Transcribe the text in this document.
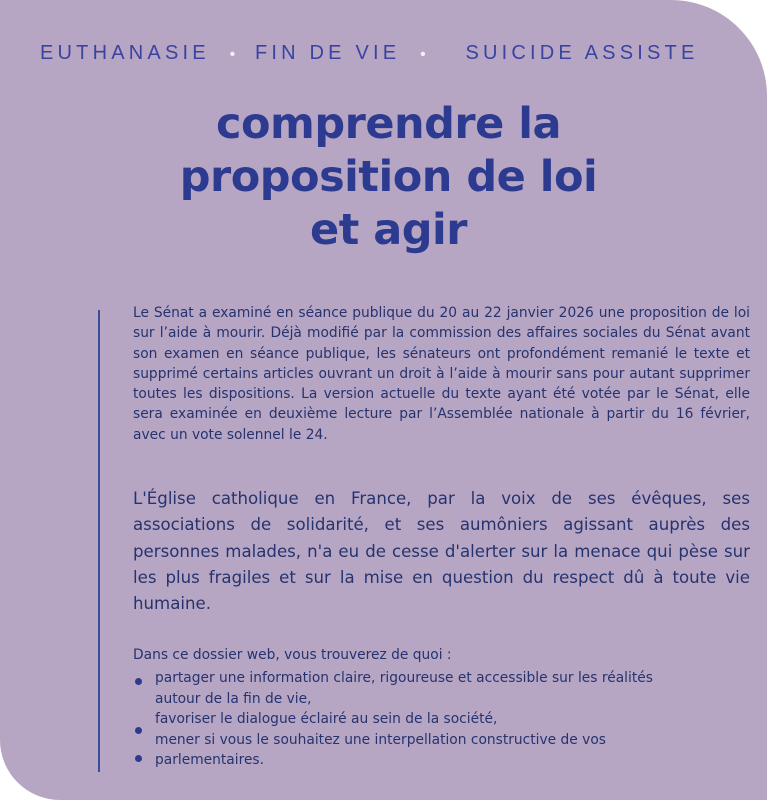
EUTHANASIE • FIN DE VIE • SUICIDE ASSISTE
comprendre la
proposition de loi
et agir

Le Sénat a examiné en séance publique du 20 au 22 janvier 2026 une proposition de loi sur l’aide à mourir. Déjà modifié par la commission des affaires sociales du Sénat avant son examen en séance publique, les sénateurs ont profondément remanié le texte et supprimé certains articles ouvrant un droit à l’aide à mourir sans pour autant supprimer toutes les dispositions. La version actuelle du texte ayant été votée par le Sénat, elle sera examinée en deuxième lecture par l’Assemblée nationale à partir du 16 février, avec un vote solennel le 24.

L'Église catholique en France, par la voix de ses évêques, ses associations de solidarité, et ses aumôniers agissant auprès des personnes malades, n'a eu de cesse d'alerter sur la menace qui pèse sur les plus fragiles et sur la mise en question du respect dû à toute vie humaine.

Dans ce dossier web, vous trouverez de quoi :

partager une information claire, rigoureuse et accessible sur les réalités
autour de la fin de vie,
favoriser le dialogue éclairé au sein de la société,
mener si vous le souhaitez une interpellation constructive de vos
parlementaires.
